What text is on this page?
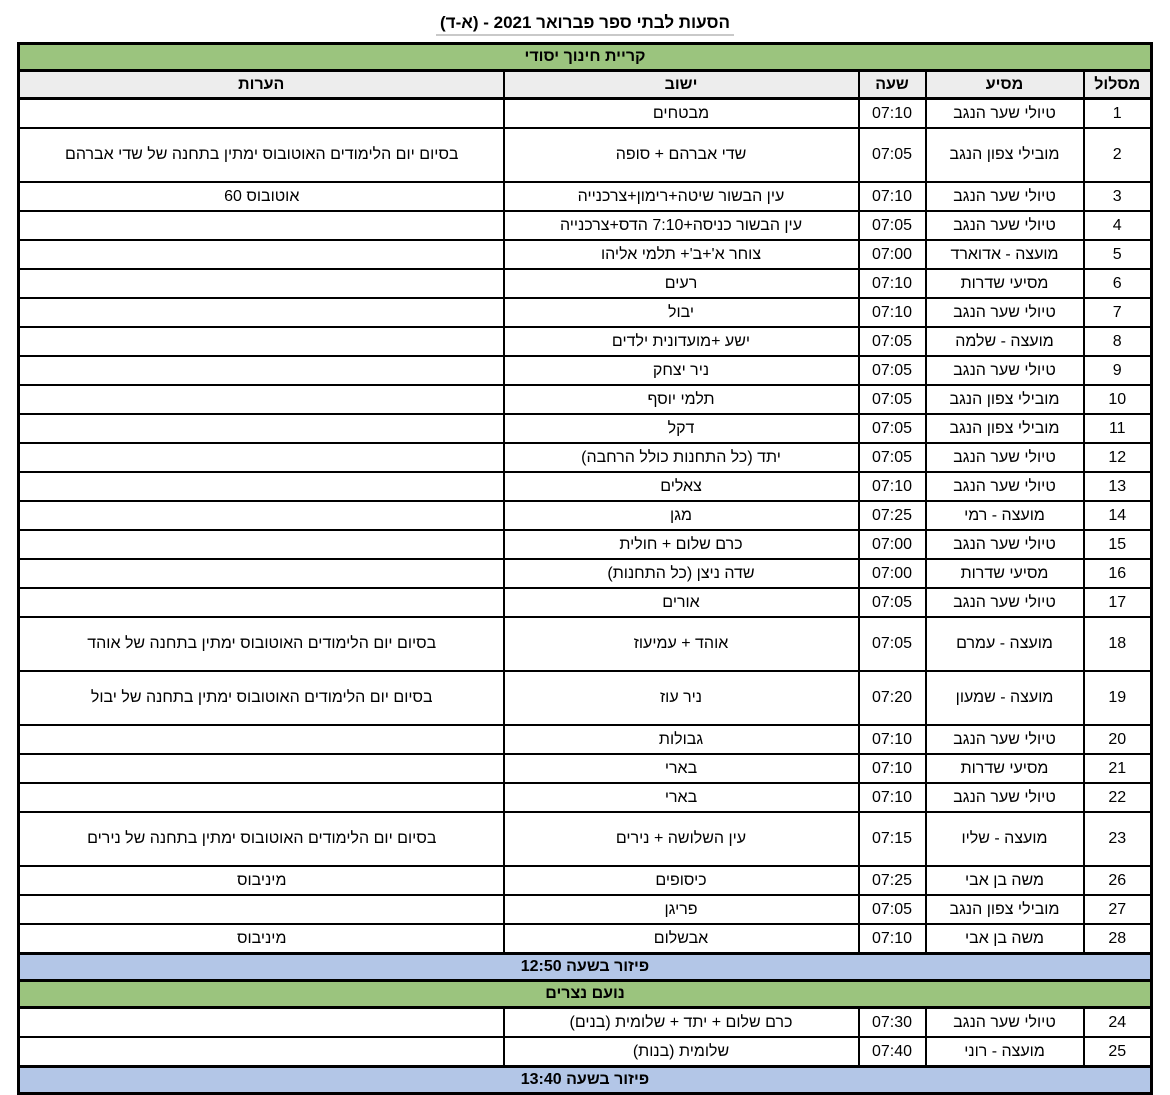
הסעות לבתי ספר פברואר 2021 - (א-ד)
קריית חינוך יסודי				
מסלול	מסיע	שעה	ישוב	הערות
1	טיולי שער הנגב	07:10	מבטחים	
2	מובילי צפון הנגב	07:05	שדי אברהם + סופה	בסיום יום הלימודים האוטובוס ימתין בתחנה של שדי אברהם
3	טיולי שער הנגב	07:10	עין הבשור שיטה+רימון+צרכנייה	אוטובוס 60
4	טיולי שער הנגב	07:05	עין הבשור כניסה+7:10 הדס+צרכנייה	
5	מועצה - אדוארד	07:00	צוחר א'+ב'+ תלמי אליהו	
6	מסיעי שדרות	07:10	רעים	
7	טיולי שער הנגב	07:10	יבול	
8	מועצה - שלמה	07:05	ישע +מועדונית ילדים	
9	טיולי שער הנגב	07:05	ניר יצחק	
10	מובילי צפון הנגב	07:05	תלמי יוסף	
11	מובילי צפון הנגב	07:05	דקל	
12	טיולי שער הנגב	07:05	יתד (כל התחנות כולל הרחבה)	
13	טיולי שער הנגב	07:10	צאלים	
14	מועצה - רמי	07:25	מגן	
15	טיולי שער הנגב	07:00	כרם שלום + חולית	
16	מסיעי שדרות	07:00	שדה ניצן (כל התחנות)	
17	טיולי שער הנגב	07:05	אורים	
18	מועצה - עמרם	07:05	אוהד + עמיעוז	בסיום יום הלימודים האוטובוס ימתין בתחנה של אוהד
19	מועצה - שמעון	07:20	ניר עוז	בסיום יום הלימודים האוטובוס ימתין בתחנה של יבול
20	טיולי שער הנגב	07:10	גבולות	
21	מסיעי שדרות	07:10	בארי	
22	טיולי שער הנגב	07:10	בארי	
23	מועצה - שליו	07:15	עין השלושה + נירים	בסיום יום הלימודים האוטובוס ימתין בתחנה של נירים
26	משה בן אבי	07:25	כיסופים	מיניבוס
27	מובילי צפון הנגב	07:05	פריגן	
28	משה בן אבי	07:10	אבשלום	מיניבוס
פיזור בשעה 12:50				
נועם נצרים				
24	טיולי שער הנגב	07:30	כרם שלום + יתד + שלומית (בנים)	
25	מועצה - רוני	07:40	שלומית (בנות)	
פיזור בשעה 13:40				
